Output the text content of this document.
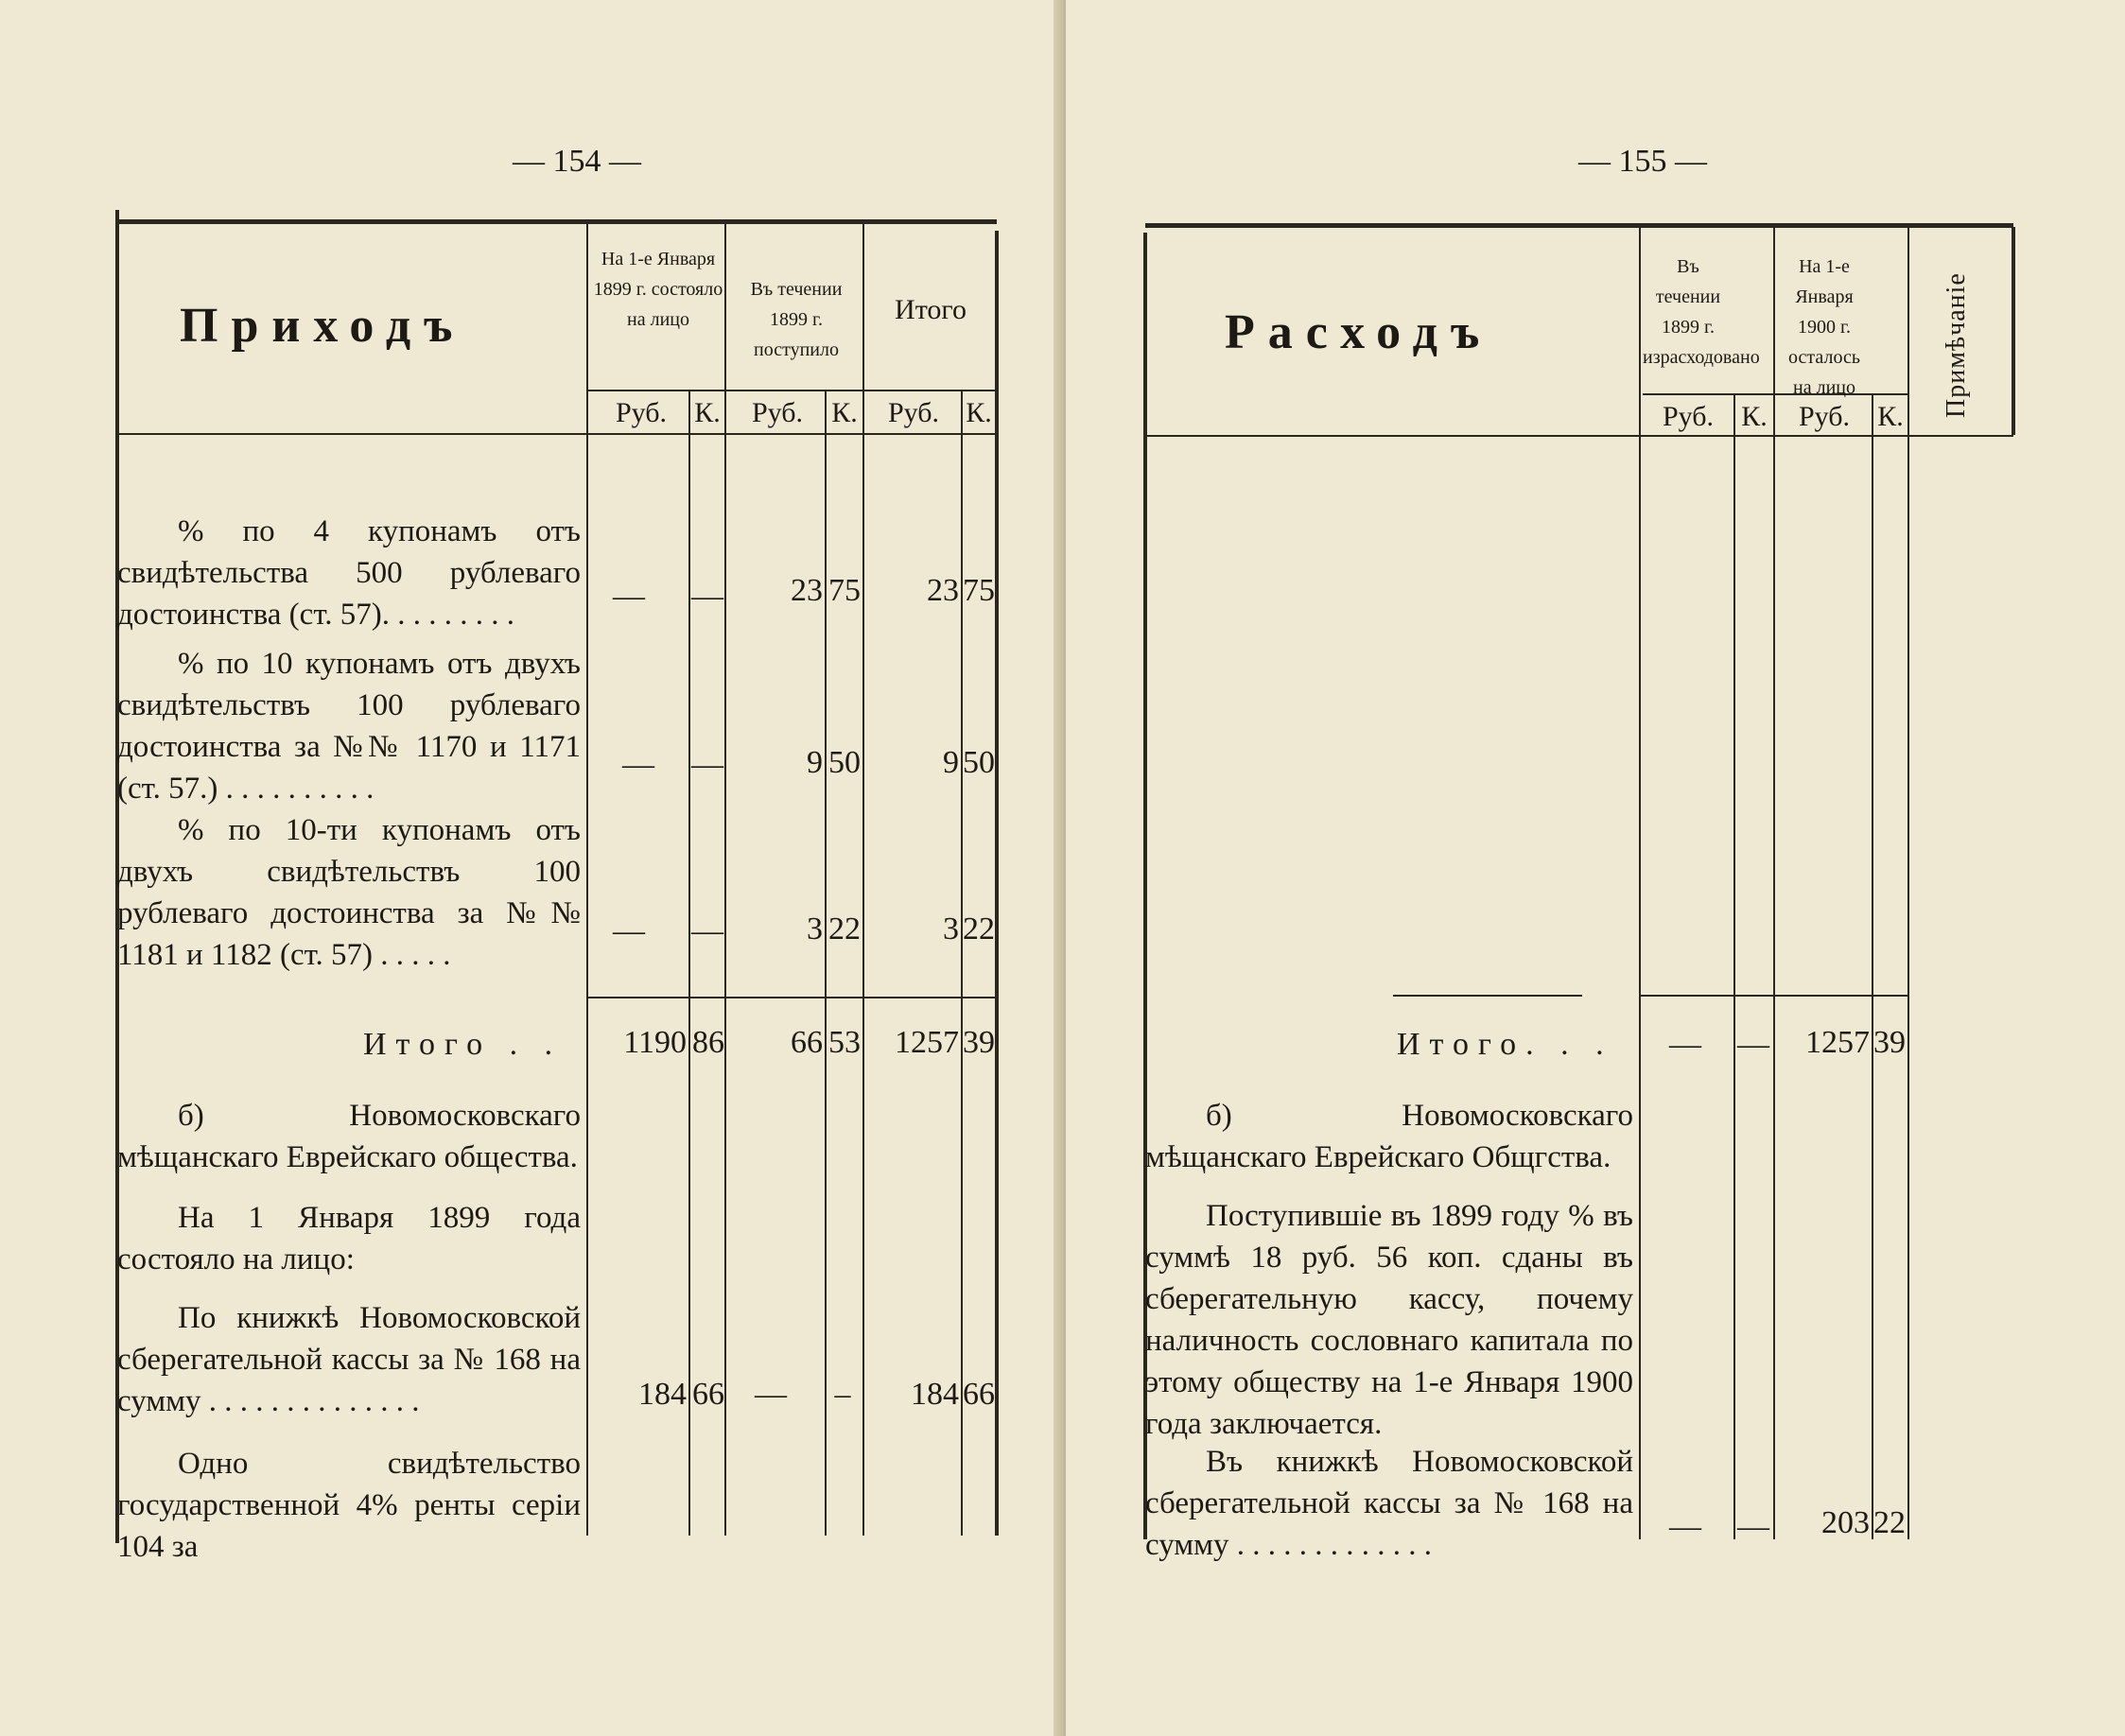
— 154 —
Приходъ
На 1-е Января 1899 г. состояло на лицо
Въ течении 1899 г. поступило
Итого
Руб. К.	Руб.	К.	Руб. К.
% по 4 купонамъ отъ свидѣтельства 500 рублеваго достоинства (ст. 57). . . . . . . . .
— —	23 75	23 75
% по 10 купонамъ отъ двухъ свидѣтельствъ 100 рублеваго достоинства за №№ 1170 и 1171 (ст. 57.) . . . . . . . . . .
— —	9 50	9 50
% по 10-ти купонамъ отъ двухъ свидѣтельствъ 100 рублеваго достоинства за №№ 1181 и 1182 (ст. 57) . . . . .
— —	3 22	3 22
Итого . .	1190 86	66 53	1257 39
б) Новомосковскаго мѣщанскаго Еврейскаго общества.
На 1 Января 1899 года состояло на лицо:
По книжкѣ Новомосковской сберегательной кассы за № 168 на сумму . . . . . . . . . . . . . .	184 66 —	–	184 66
Одно свидѣтельство государственной 4% ренты серіи 104 за
— 155 —
Расходъ
Въ течении 1899 г. израсходовано
На 1-е Января 1900 г. осталось на лицо	Примѣчаніе
Руб. К.	Руб. К.
Итого. . . — —	1257 39
б) Новомосковскаго мѣщанскаго Еврейскаго Общгства.
Поступившіе въ 1899 году % въ суммѣ 18 руб. 56 коп. сданы въ сберегательную кассу, почему наличность сословнаго капитала по этому обществу на 1-е Января 1900 года заключается.
Въ книжкѣ Новомосковской сберегательной кассы за № 168 на сумму . . . . . . . . . . . . .
— —	203 22
